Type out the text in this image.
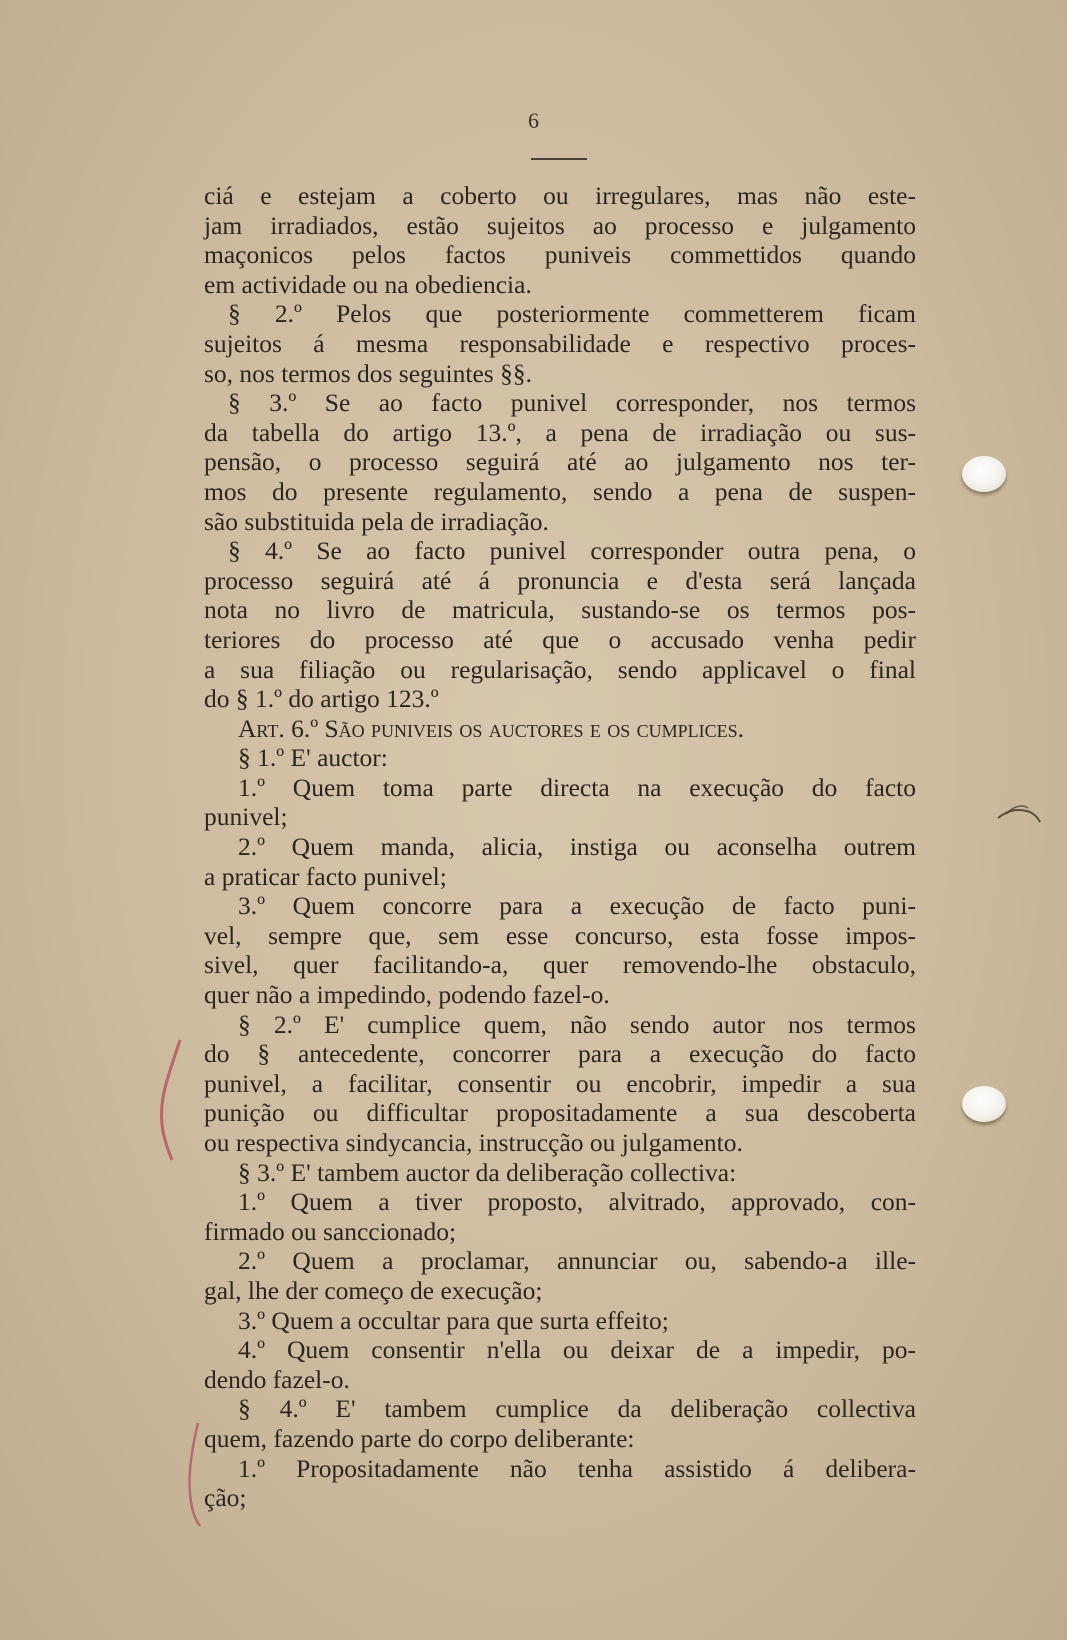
6
ciá e estejam a coberto ou irregulares, mas não este-
jam irradiados, estão sujeitos ao processo e julgamento
maçonicos pelos factos puniveis commettidos quando
em actividade ou na obediencia.
§ 2.º Pelos que posteriormente commetterem ficam
sujeitos á mesma responsabilidade e respectivo proces-
so, nos termos dos seguintes §§.
§ 3.º Se ao facto punivel corresponder, nos termos
da tabella do artigo 13.º, a pena de irradiação ou sus-
pensão, o processo seguirá até ao julgamento nos ter-
mos do presente regulamento, sendo a pena de suspen-
são substituida pela de irradiação.
§ 4.º Se ao facto punivel corresponder outra pena, o
processo seguirá até á pronuncia e d'esta será lançada
nota no livro de matricula, sustando-se os termos pos-
teriores do processo até que o accusado venha pedir
a sua filiação ou regularisação, sendo applicavel o final
do § 1.º do artigo 123.º
Art. 6.º São puniveis os auctores e os cumplices.
§ 1.º E' auctor:
1.º Quem toma parte directa na execução do facto
punivel;
2.º Quem manda, alicia, instiga ou aconselha outrem
a praticar facto punivel;
3.º Quem concorre para a execução de facto puni-
vel, sempre que, sem esse concurso, esta fosse impos-
sivel, quer facilitando-a, quer removendo-lhe obstaculo,
quer não a impedindo, podendo fazel-o.
§ 2.º E' cumplice quem, não sendo autor nos termos
do § antecedente, concorrer para a execução do facto
punivel, a facilitar, consentir ou encobrir, impedir a sua
punição ou difficultar propositadamente a sua descoberta
ou respectiva sindycancia, instrucção ou julgamento.
§ 3.º E' tambem auctor da deliberação collectiva:
1.º Quem a tiver proposto, alvitrado, approvado, con-
firmado ou sanccionado;
2.º Quem a proclamar, annunciar ou, sabendo-a ille-
gal, lhe der começo de execução;
3.º Quem a occultar para que surta effeito;
4.º Quem consentir n'ella ou deixar de a impedir, po-
dendo fazel-o.
§ 4.º E' tambem cumplice da deliberação collectiva
quem, fazendo parte do corpo deliberante:
1.º Propositadamente não tenha assistido á delibera-
ção;
